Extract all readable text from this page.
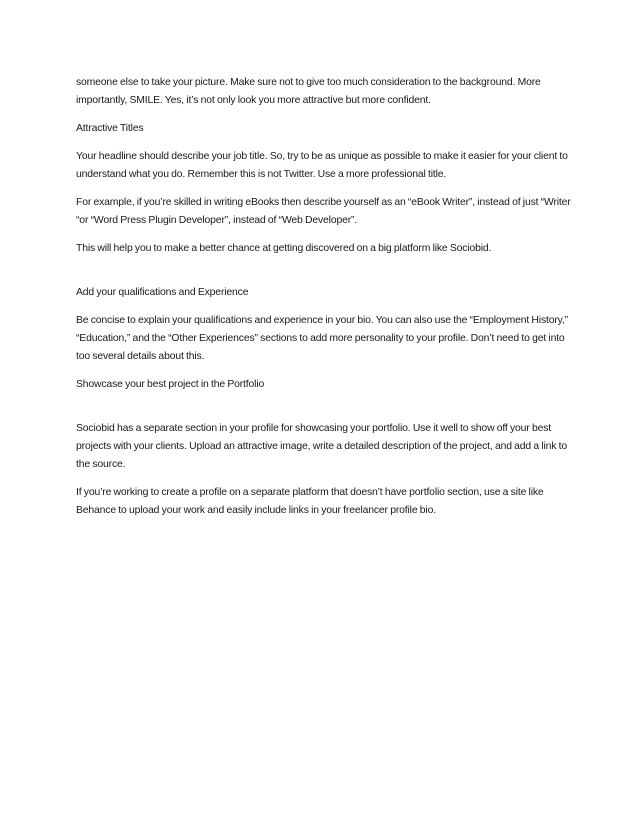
someone else to take your picture. Make sure not to give too much consideration to the background. More importantly, SMILE. Yes, it’s not only look you more attractive but more confident.

Attractive Titles

Your headline should describe your job title. So, try to be as unique as possible to make it easier for your client to understand what you do. Remember this is not Twitter. Use a more professional title.

For example, if you’re skilled in writing eBooks then describe yourself as an “eBook Writer”, instead of just “Writer “or “Word Press Plugin Developer”, instead of “Web Developer”.

This will help you to make a better chance at getting discovered on a big platform like Sociobid.

Add your qualifications and Experience

Be concise to explain your qualifications and experience in your bio. You can also use the “Employment History,” “Education,” and the “Other Experiences” sections to add more personality to your profile. Don’t need to get into too several details about this.

Showcase your best project in the Portfolio

Sociobid has a separate section in your profile for showcasing your portfolio. Use it well to show off your best projects with your clients. Upload an attractive image, write a detailed description of the project, and add a link to the source.

If you’re working to create a profile on a separate platform that doesn’t have portfolio section, use a site like Behance to upload your work and easily include links in your freelancer profile bio.
